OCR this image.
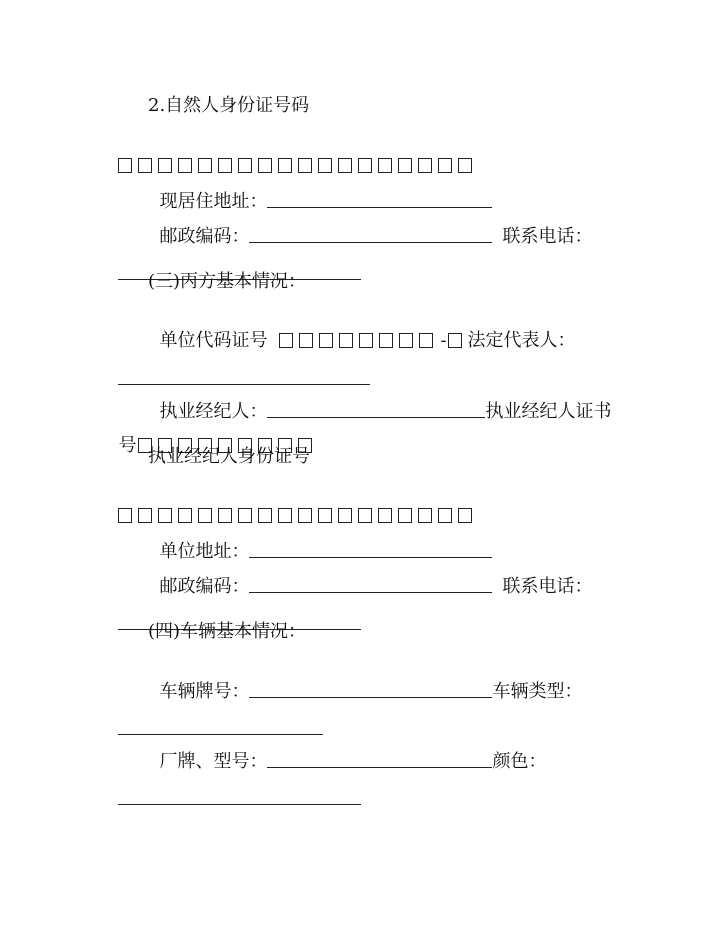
2.自然人身份证号码

现居住地址：

邮政编码：	联系电话：

(三)丙方基本情况：

单位代码证号	- 法定代表人：

执业经纪人：	执业经纪人证书

号

执业经纪人身份证号

单位地址：

邮政编码：	联系电话：

(四)车辆基本情况：

车辆牌号：	车辆类型：

厂牌、型号：	颜色：
